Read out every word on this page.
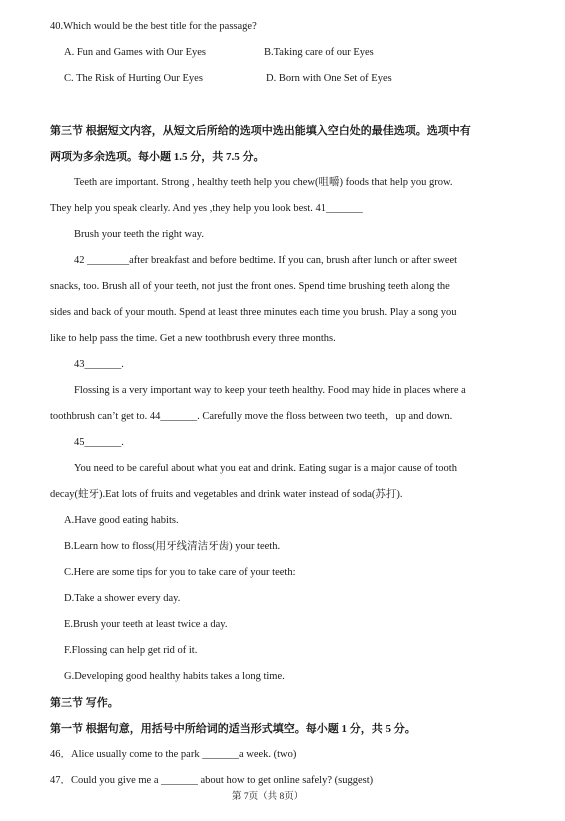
40.Which would be the best title for the passage?
A. Fun and Games with Our Eyes	B.Taking care of our Eyes
C. The Risk of Hurting Our Eyes	D. Born with One Set of Eyes
第三节 根据短文内容，从短文后所给的选项中选出能填入空白处的最佳选项。选项中有
两项为多余选项。每小题 1.5 分，共 7.5 分。
Teeth are important. Strong , healthy teeth help you chew(咀嚼) foods that help you grow.
They help you speak clearly. And yes ,they help you look best. 41_______
Brush your teeth the right way.
42 ________after breakfast and before bedtime. If you can, brush after lunch or after sweet
snacks, too. Brush all of your teeth, not just the front ones. Spend time brushing teeth along the
sides and back of your mouth. Spend at least three minutes each time you brush. Play a song you
like to help pass the time. Get a new toothbrush every three months.
43_______.
Flossing is a very important way to keep your teeth healthy. Food may hide in places where a
toothbrush can’t get to. 44_______. Carefully move the floss between two teeth，up and down.
45_______.
You need to be careful about what you eat and drink. Eating sugar is a major cause of tooth
decay(蛀牙).Eat lots of fruits and vegetables and drink water instead of soda(苏打).
A.Have good eating habits.
B.Learn how to floss(用牙线清洁牙齿) your teeth.
C.Here are some tips for you to take care of your teeth:
D.Take a shower every day.
E.Brush your teeth at least twice a day.
F.Flossing can help get rid of it.
G.Developing good healthy habits takes a long time.
第三节 写作。
第一节 根据句意，用括号中所给词的适当形式填空。每小题 1 分，共 5 分。
46．Alice usually come to the park _______a week. (two)
47．Could you give me a _______ about how to get online safely? (suggest)
第 7页（共 8页）
